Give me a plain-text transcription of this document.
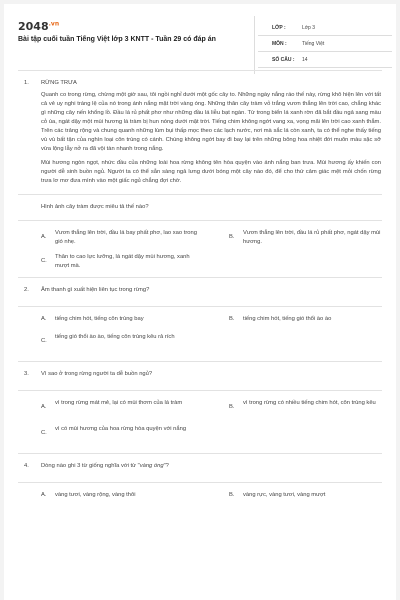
$2048^{.vn}$
Bài tập cuối tuần Tiếng Việt lớp 3 KNTT - Tuần 29 có đáp án
LỚP :	Lớp 3
MÔN :	Tiếng Việt
SỐ CÂU : 14
1. RỪNG TRƯA

Quanh co trong rừng, chừng một giờ sau, tôi ngồi nghỉ dưới một gốc cây to. Những ngày nắng ráo thế này, rừng khô hiện lên với tất cả vẻ uy nghi tráng lệ của nó trong ánh nắng mặt trời vàng óng. Những thân cây tràm vỏ trắng vươn thẳng lên trời cao, chẳng khác gì những cây nến khổng lồ. Đầu lá rủ phất phơ như những đầu lá liễu bạt ngàn. Từ trong biển lá xanh rờn đã bắt đầu ngả sang màu cỏ úa, ngát dậy một mùi hương lá tràm bị hun nóng dưới mặt trời. Tiếng chim không ngớt vang xa, vọng mãi lên trời cao xanh thẳm. Trên các trảng rộng và chung quanh những lùm bụi thấp mọc theo các lạch nước, nơi mà sắc lá còn xanh, ta có thể nghe thấy tiếng vù vù bất tận của nghìn loại côn trùng có cánh. Chúng không ngớt bay đi bay lại trên những bông hoa nhiệt đới muôn màu sặc sỡ vừa lộng lẫy nở ra đã vội tàn nhanh trong nắng.

Mùi hương ngòn ngọt, nhức đầu của những loài hoa rừng không tên hòa quyện vào ánh nắng ban trưa. Mùi hương ấy khiến con người dễ sinh buồn ngủ. Người ta có thể sẵn sàng ngả lưng dưới bóng một cây nào đó, để cho thứ cảm giác mệt mỏi chốn rừng trưa lơ mơ đưa mình vào một giấc ngủ chẳng đợi chờ.

Hình ảnh cây tràm được miêu tả thế nào?

A.
Vươn thẳng lên trời, đầu lá bay phất phơ, lao xao trong gió nhẹ.
B.
Vươn thẳng lên trời, đầu lá rủ phất phơ, ngát dậy mùi hương.
C.
Thân to cao lực lưỡng, lá ngát dậy mùi hương, xanh mượt mà.
2. Âm thanh gì xuất hiện liên tục trong rừng?
A. tiếng chim hót, tiếng côn trùng bay	B. tiếng chim hót, tiếng gió thổi ào ào
C.
tiếng gió thổi ào ào, tiếng côn trùng kêu rả rích
3. Vì sao ở trong rừng người ta dễ buồn ngủ?
A.
vì trong rừng mát mẻ, lại có mùi thơm của lá tràm
B.
vì trong rừng có nhiều tiếng chim hót, côn trùng kêu
C.
vì có mùi hương của hoa rừng hòa quyện với nắng
4. Dòng nào ghi 3 từ giống nghĩa với từ "vàng óng"?
A. vàng tươi, vàng rộng, vàng thôi	B. vàng rực, vàng tươi, vàng mượt
